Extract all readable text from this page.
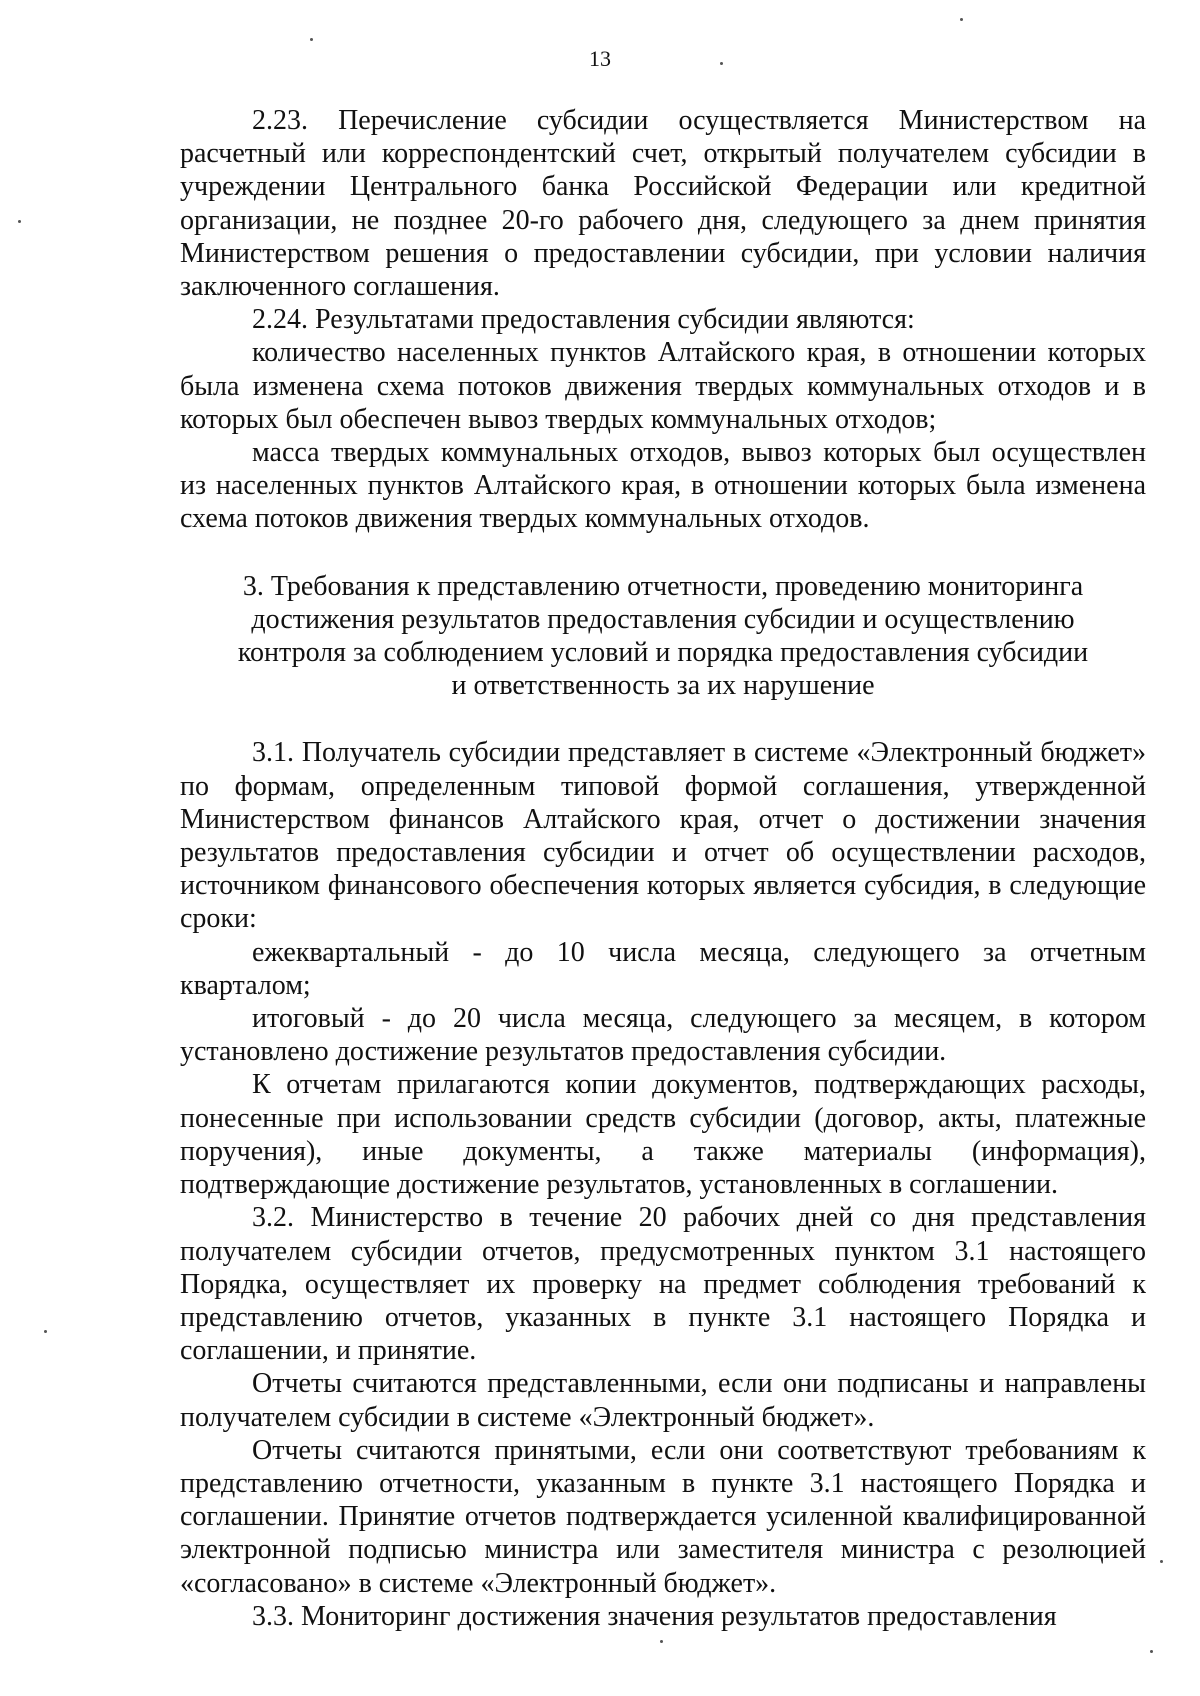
13

2.23. Перечисление субсидии осуществляется Министерством на расчетный или корреспондентский счет, открытый получателем субсидии в учреждении Центрального банка Российской Федерации или кредитной организации, не позднее 20-го рабочего дня, следующего за днем принятия Министерством решения о предоставлении субсидии, при условии наличия заключенного соглашения.

2.24. Результатами предоставления субсидии являются:

количество населенных пунктов Алтайского края, в отношении которых была изменена схема потоков движения твердых коммунальных отходов и в которых был обеспечен вывоз твердых коммунальных отходов;

масса твердых коммунальных отходов, вывоз которых был осуществлен из населенных пунктов Алтайского края, в отношении которых была изменена схема потоков движения твердых коммунальных отходов.

3. Требования к представлению отчетности, проведению мониторинга
достижения результатов предоставления субсидии и осуществлению
контроля за соблюдением условий и порядка предоставления субсидии
и ответственность за их нарушение

3.1. Получатель субсидии представляет в системе «Электронный бюджет» по формам, определенным типовой формой соглашения, утвержденной Министерством финансов Алтайского края, отчет о достижении значения результатов предоставления субсидии и отчет об осуществлении расходов, источником финансового обеспечения которых является субсидия, в следующие сроки:

ежеквартальный - до 10 числа месяца, следующего за отчетным кварталом;

итоговый - до 20 числа месяца, следующего за месяцем, в котором установлено достижение результатов предоставления субсидии.

К отчетам прилагаются копии документов, подтверждающих расходы, понесенные при использовании средств субсидии (договор, акты, платежные поручения), иные документы, а также материалы (информация), подтверждающие достижение результатов, установленных в соглашении.

3.2. Министерство в течение 20 рабочих дней со дня представления получателем субсидии отчетов, предусмотренных пунктом 3.1 настоящего Порядка, осуществляет их проверку на предмет соблюдения требований к представлению отчетов, указанных в пункте 3.1 настоящего Порядка и соглашении, и принятие.

Отчеты считаются представленными, если они подписаны и направлены получателем субсидии в системе «Электронный бюджет».

Отчеты считаются принятыми, если они соответствуют требованиям к представлению отчетности, указанным в пункте 3.1 настоящего Порядка и соглашении. Принятие отчетов подтверждается усиленной квалифицированной электронной подписью министра или заместителя министра с резолюцией «согласовано» в системе «Электронный бюджет».

3.3. Мониторинг достижения значения результатов предоставления
